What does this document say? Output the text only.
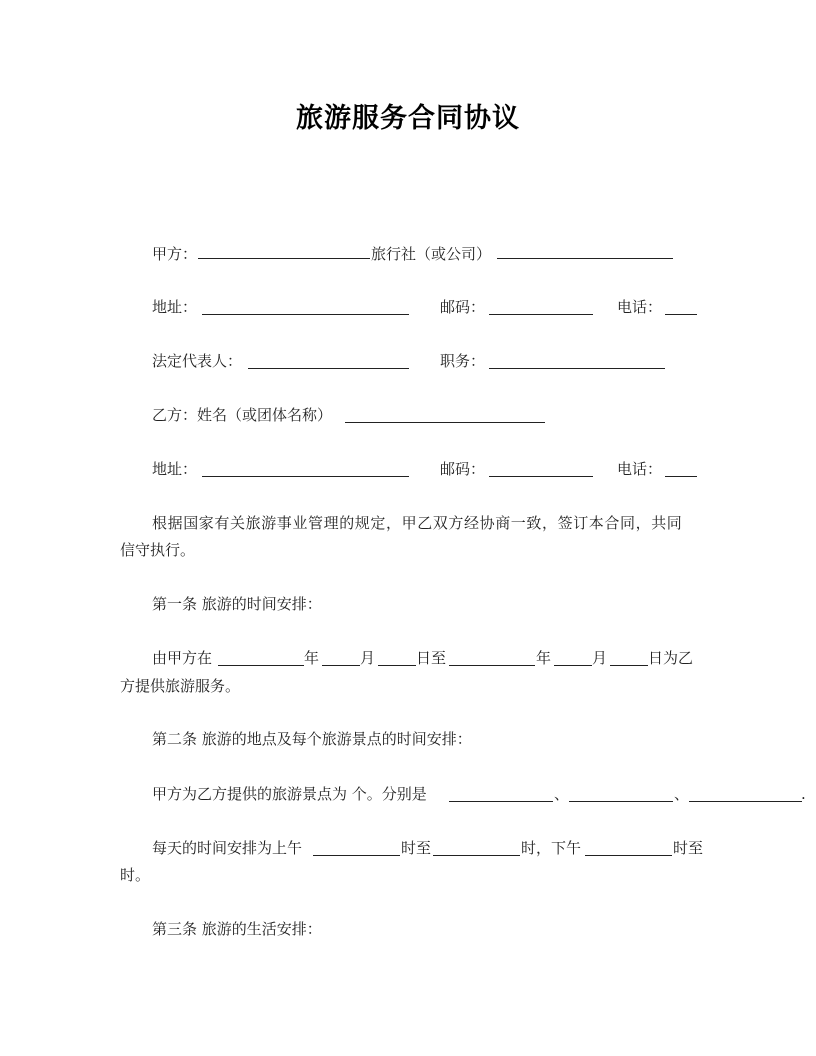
旅游服务合同协议
甲方：	旅行社（或公司）
地址：	邮码：	电话：
法定代表人：	职务：
乙方：姓名（或团体名称）
地址：	邮码：	电话：
根据国家有关旅游事业管理的规定，甲乙双方经协商一致，签订本合同，共同
信守执行。
第一条 旅游的时间安排：
由甲方在	年	月	日至	年	月	日为乙
方提供旅游服务。
第二条 旅游的地点及每个旅游景点的时间安排：
甲方为乙方提供的旅游景点为 个。分别是	、	、	.
每天的时间安排为上午	时至	时，下午	时至
时。
第三条 旅游的生活安排：
